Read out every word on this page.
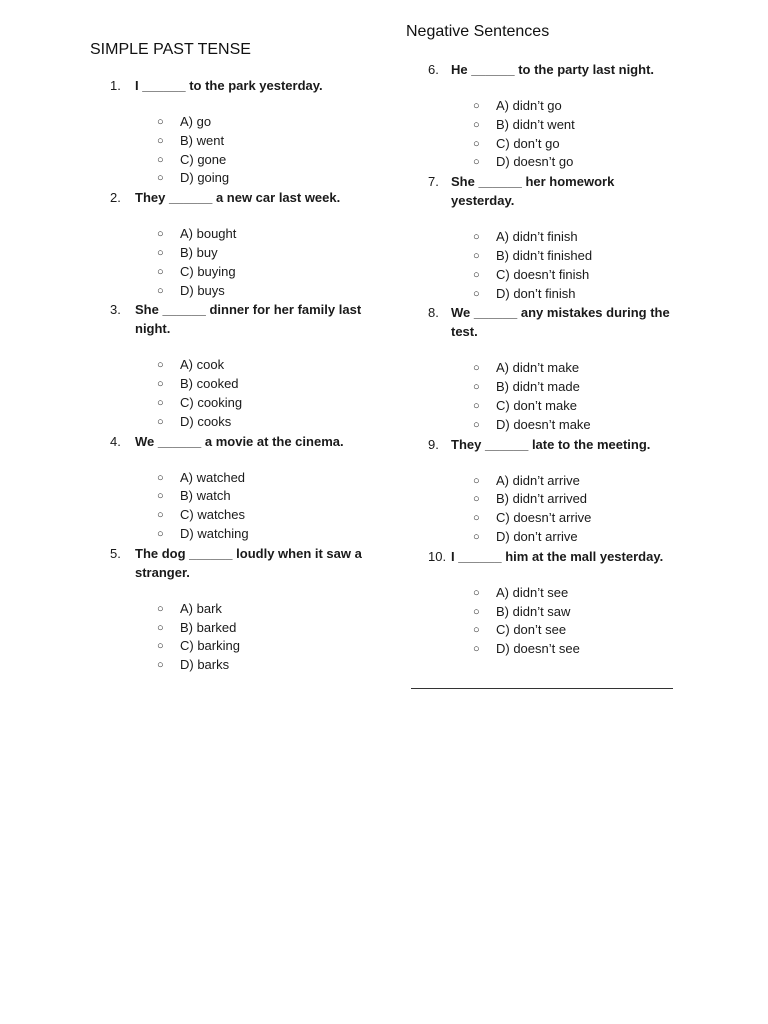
SIMPLE PAST TENSE
1. I ______ to the park yesterday.
○ A) go
○ B) went
○ C) gone
○ D) going
2. They ______ a new car last week.
○ A) bought
○ B) buy
○ C) buying
○ D) buys
3. She ______ dinner for her family last night.
○ A) cook
○ B) cooked
○ C) cooking
○ D) cooks
4. We ______ a movie at the cinema.
○ A) watched
○ B) watch
○ C) watches
○ D) watching
5. The dog ______ loudly when it saw a stranger.
○ A) bark
○ B) barked
○ C) barking
○ D) barks
Negative Sentences
6. He ______ to the party last night.
○ A) didn’t go
○ B) didn’t went
○ C) don’t go
○ D) doesn’t go
7. She ______ her homework yesterday.
○ A) didn’t finish
○ B) didn’t finished
○ C) doesn’t finish
○ D) don’t finish
8. We ______ any mistakes during the test.
○ A) didn’t make
○ B) didn’t made
○ C) don’t make
○ D) doesn’t make
9. They ______ late to the meeting.
○ A) didn’t arrive
○ B) didn’t arrived
○ C) doesn’t arrive
○ D) don’t arrive
10. I ______ him at the mall yesterday.
○ A) didn’t see
○ B) didn’t saw
○ C) don’t see
○ D) doesn’t see
